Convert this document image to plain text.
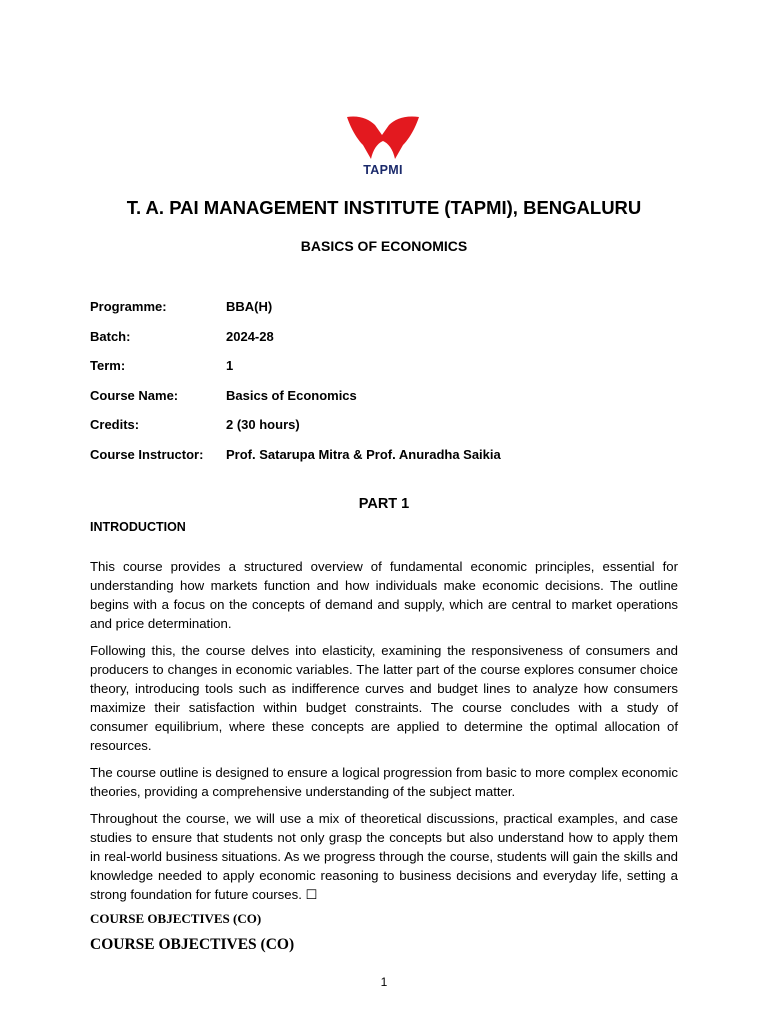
TAPMI
T. A. PAI MANAGEMENT INSTITUTE (TAPMI), BENGALURU
BASICS OF ECONOMICS
Programme:	BBA(H)
Batch:	2024-28
Term:	1
Course Name:	Basics of Economics
Credits:	2 (30 hours)
Course Instructor:	Prof. Satarupa Mitra & Prof. Anuradha Saikia
PART 1
INTRODUCTION

This course provides a structured overview of fundamental economic principles, essential for understanding how markets function and how individuals make economic decisions. The outline begins with a focus on the concepts of demand and supply, which are central to market operations and price determination.

Following this, the course delves into elasticity, examining the responsiveness of consumers and producers to changes in economic variables. The latter part of the course explores consumer choice theory, introducing tools such as indifference curves and budget lines to analyze how consumers maximize their satisfaction within budget constraints. The course concludes with a study of consumer equilibrium, where these concepts are applied to determine the optimal allocation of resources.

The course outline is designed to ensure a logical progression from basic to more complex economic theories, providing a comprehensive understanding of the subject matter.

Throughout the course, we will use a mix of theoretical discussions, practical examples, and case studies to ensure that students not only grasp the concepts but also understand how to apply them in real-world business situations. As we progress through the course, students will gain the skills and knowledge needed to apply economic reasoning to business decisions and everyday life, setting a strong foundation for future courses. ☐

COURSE OBJECTIVES (CO)
COURSE OBJECTIVES (CO)
1
